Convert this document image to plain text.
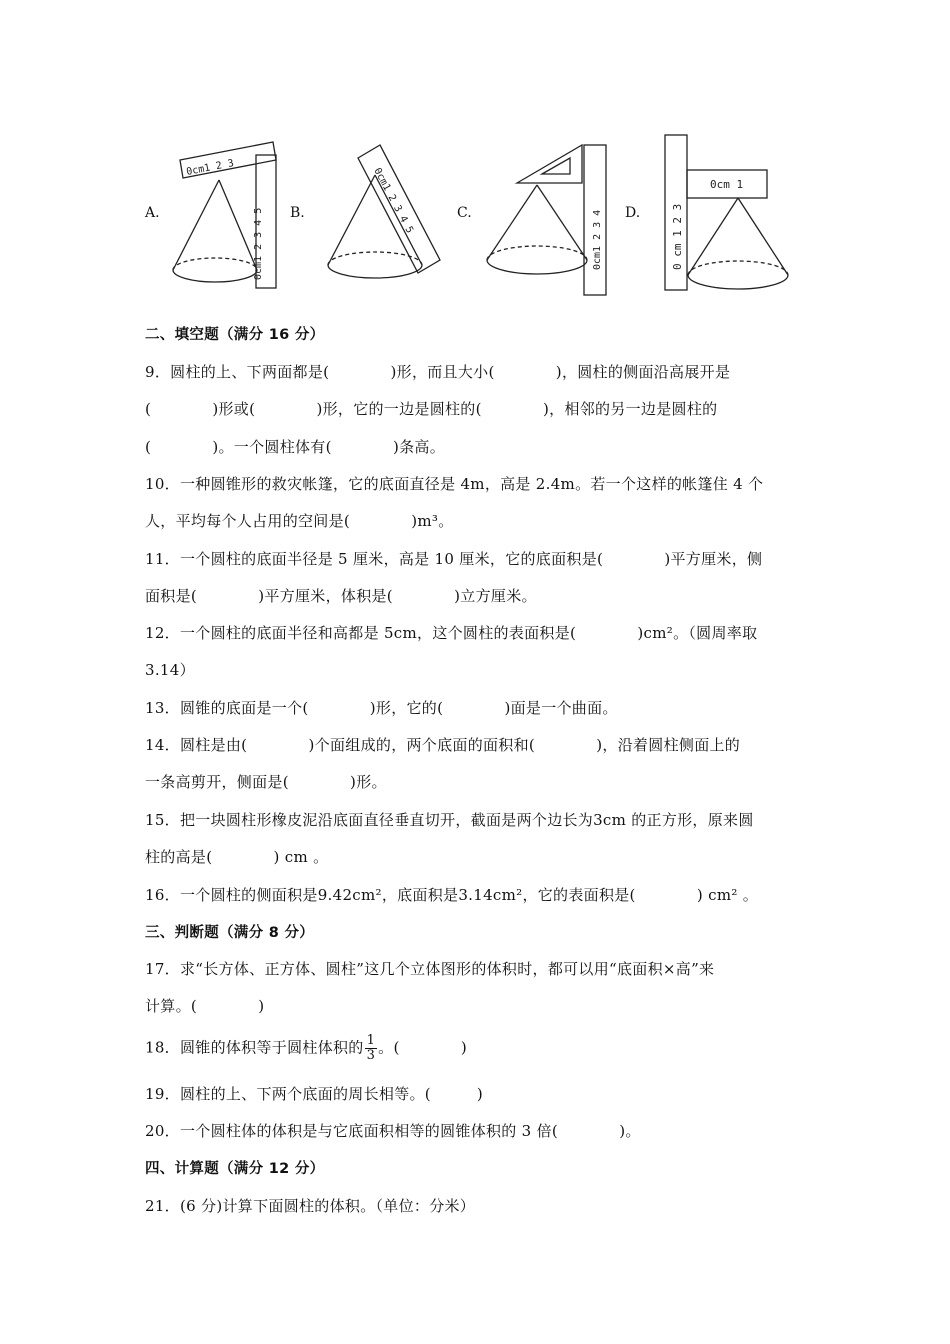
A.	B.	C.	D.
0cm1 2 3
0cm1 2 3 4 5
0cm1 2 3 4 5
0cm1 2 3 4
0cm 1
0 cm 1 2 3
二、填空题（满分 16 分）
9．圆柱的上、下两面都是(　　　　)形，而且大小(　　　　)，圆柱的侧面沿高展开是
(　　　　)形或(　　　　)形，它的一边是圆柱的(　　　　)，相邻的另一边是圆柱的
(　　　　)。一个圆柱体有(　　　　)条高。
10．一种圆锥形的救灾帐篷，它的底面直径是 4m，高是 2.4m。若一个这样的帐篷住 4 个
人，平均每个人占用的空间是(　　　　)m³。
11．一个圆柱的底面半径是 5 厘米，高是 10 厘米，它的底面积是(　　　　)平方厘米，侧
面积是(　　　　)平方厘米，体积是(　　　　)立方厘米。
12．一个圆柱的底面半径和高都是 5cm，这个圆柱的表面积是(　　　　)cm²。（圆周率取
3.14）
13．圆锥的底面是一个(　　　　)形，它的(　　　　)面是一个曲面。
14．圆柱是由(　　　　)个面组成的，两个底面的面积和(　　　　)，沿着圆柱侧面上的
一条高剪开，侧面是(　　　　)形。
15．把一块圆柱形橡皮泥沿底面直径垂直切开，截面是两个边长为3cm 的正方形，原来圆
柱的高是(　　　　) cm 。
16．一个圆柱的侧面积是9.42cm²，底面积是3.14cm²，它的表面积是(　　　　) cm² 。
三、判断题（满分 8 分）
17．求“长方体、正方体、圆柱”这几个立体图形的体积时，都可以用“底面积×高”来
计算。(　　　　)
18．圆锥的体积等于圆柱体积的 $\frac{1}{3}$ 。(　　　　)
19．圆柱的上、下两个底面的周长相等。(　　　)
20．一个圆柱体的体积是与它底面积相等的圆锥体积的 3 倍(　　　　)。
四、计算题（满分 12 分）
21．(6 分)计算下面圆柱的体积。（单位：分米）
